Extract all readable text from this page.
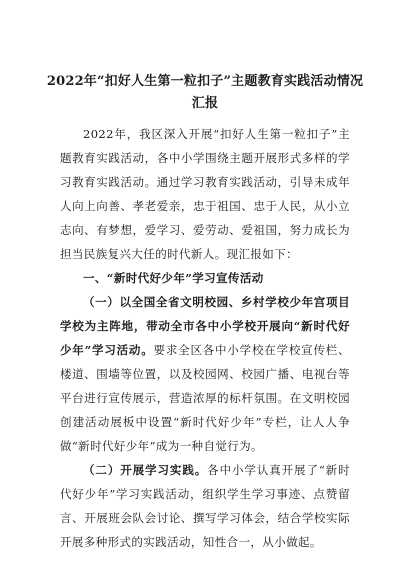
2022年“扣好人生第一粒扣子”主题教育实践活动情况汇报

2022年，我区深入开展“扣好人生第一粒扣子”主题教育实践活动，各中小学围绕主题开展形式多样的学习教育实践活动。通过学习教育实践活动，引导未成年人向上向善、孝老爱亲，忠于祖国、忠于人民，从小立志向、有梦想，爱学习、爱劳动、爱祖国，努力成长为担当民族复兴大任的时代新人。现汇报如下：

一、“新时代好少年”学习宣传活动

（一）以全国全省文明校园、乡村学校少年宫项目学校为主阵地，带动全市各中小学校开展向“新时代好少年”学习活动。要求全区各中小学校在学校宣传栏、楼道、围墙等位置，以及校园网、校园广播、电视台等平台进行宣传展示，营造浓厚的标杆氛围。在文明校园创建活动展板中设置“新时代好少年”专栏，让人人争做“新时代好少年”成为一种自觉行为。

（二）开展学习实践。各中小学认真开展了“新时代好少年”学习实践活动，组织学生学习事迹、点赞留言、开展班会队会讨论、撰写学习体会，结合学校实际开展多种形式的实践活动，知性合一，从小做起。
